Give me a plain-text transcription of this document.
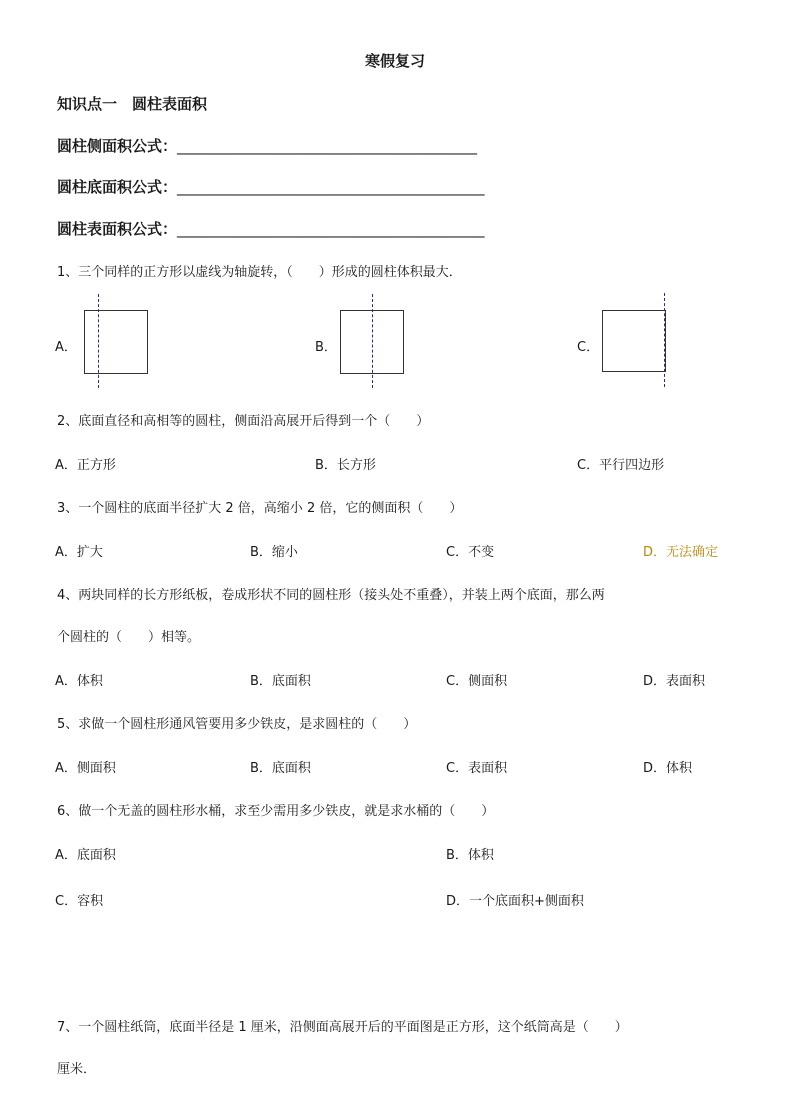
寒假复习
知识点一　圆柱表面积
圆柱侧面积公式：________________________________________
圆柱底面积公式：_________________________________________
圆柱表面积公式：_________________________________________
1、三个同样的正方形以虚线为轴旋转，（　　）形成的圆柱体积最大．
A．	B．	C．
2、底面直径和高相等的圆柱，侧面沿高展开后得到一个（　　）
A．正方形	B．长方形	C．平行四边形
3、一个圆柱的底面半径扩大 2 倍，高缩小 2 倍，它的侧面积（　　）
A．扩大	B．缩小	C．不变	D．无法确定
4、两块同样的长方形纸板，卷成形状不同的圆柱形（接头处不重叠），并装上两个底面，那么两
个圆柱的（　　）相等。
A．体积	B．底面积	C．侧面积	D．表面积
5、求做一个圆柱形通风管要用多少铁皮，是求圆柱的（　　）
A．侧面积	B．底面积	C．表面积	D．体积
6、做一个无盖的圆柱形水桶，求至少需用多少铁皮，就是求水桶的（　　）
A．底面积	B．体积
C．容积	D．一个底面积+侧面积
7、一个圆柱纸筒，底面半径是 1 厘米，沿侧面高展开后的平面图是正方形，这个纸筒高是（　　）
厘米．
